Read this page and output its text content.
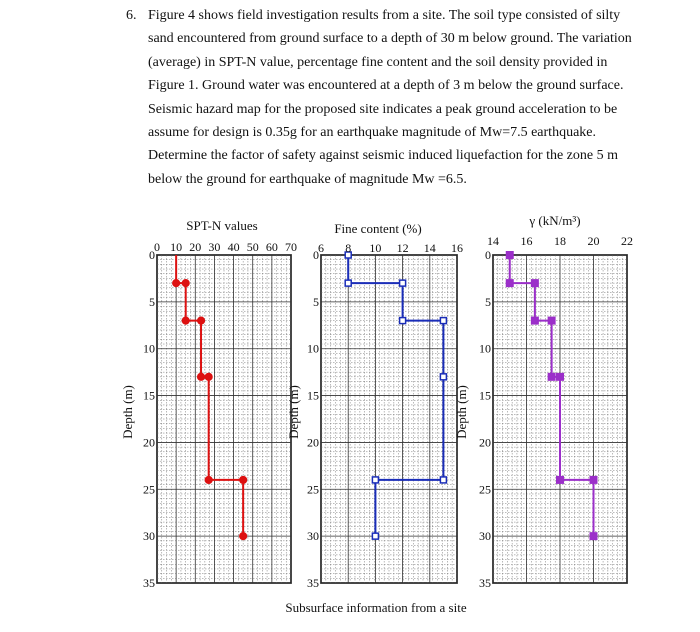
6. Figure 4 shows field investigation results from a site. The soil type consisted of silty
sand encountered from ground surface to a depth of 30 m below ground. The variation
(average) in SPT-N value, percentage fine content and the soil density provided in
Figure 1. Ground water was encountered at a depth of 3 m below the ground surface.
Seismic hazard map for the proposed site indicates a peak ground acceleration to be
assume for design is 0.35g for an earthquake magnitude of Mw=7.5 earthquake.
Determine the factor of safety against seismic induced liquefaction for the zone 5 m
below the ground for earthquake of magnitude Mw =6.5.
0 10 20 30 40 50 60 70
0
5
10
15
20
25
30
35
SPT-N values
Depth (m)
6 8 10 12 14 16
0
5
10
15
20
25
30
35
Fine content (%)
Depth (m)
14 16 18 20 22
0
5
10
15
20
25
30
35
γ (kN/m³)
Depth (m)
Subsurface information from a site
